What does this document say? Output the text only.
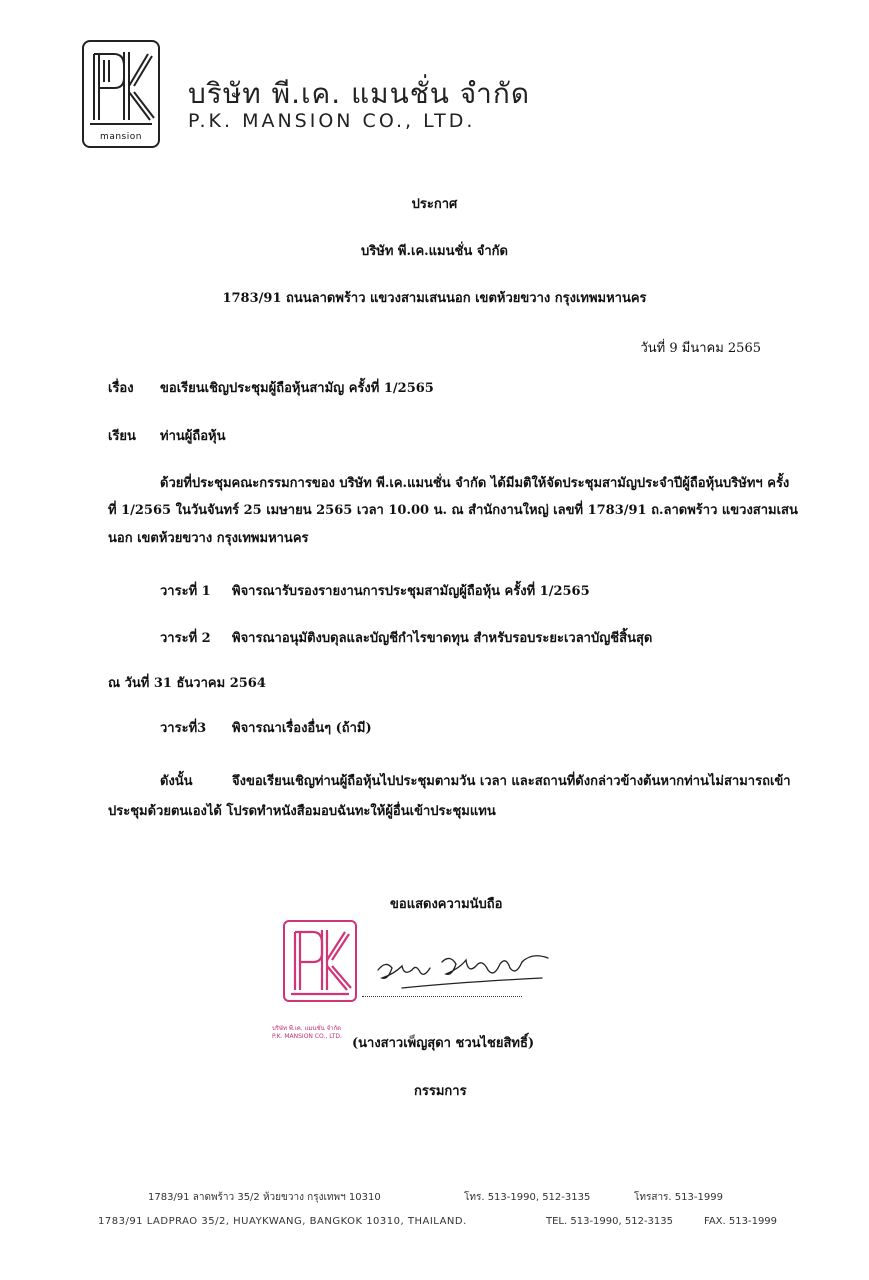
mansion
บริษัท พี.เค. แมนชั่น จำกัด
P.K. MANSION CO., LTD.
ประกาศ
บริษัท พี.เค.แมนชั่น จำกัด
1783/91 ถนนลาดพร้าว แขวงสามเสนนอก เขตห้วยขวาง กรุงเทพมหานคร
วันที่ 9 มีนาคม 2565
เรื่อง ขอเรียนเชิญประชุมผู้ถือหุ้นสามัญ ครั้งที่ 1/2565
เรียน ท่านผู้ถือหุ้น
ด้วยที่ประชุมคณะกรรมการของ บริษัท พี.เค.แมนชั่น จำกัด ได้มีมติให้จัดประชุมสามัญประจำปีผู้ถือหุ้นบริษัทฯ ครั้ง
ที่ 1/2565 ในวันจันทร์ 25 เมษายน 2565 เวลา 10.00 น. ณ สำนักงานใหญ่ เลขที่ 1783/91 ถ.ลาดพร้าว แขวงสามเสน
นอก เขตห้วยขวาง กรุงเทพมหานคร
วาระที่ 1 พิจารณารับรองรายงานการประชุมสามัญผู้ถือหุ้น ครั้งที่ 1/2565
วาระที่ 2 พิจารณาอนุมัติงบดุลและบัญชีกำไรขาดทุน สำหรับรอบระยะเวลาบัญชีสิ้นสุด
ณ วันที่ 31 ธันวาคม 2564
วาระที่3 พิจารณาเรื่องอื่นๆ (ถ้ามี)
ดังนั้น	จึงขอเรียนเชิญท่านผู้ถือหุ้นไปประชุมตามวัน เวลา และสถานที่ดังกล่าวข้างต้นหากท่านไม่สามารถเข้า
ประชุมด้วยตนเองได้ โปรดทำหนังสือมอบฉันทะให้ผู้อื่นเข้าประชุมแทน
ขอแสดงความนับถือ
บริษัท พี.เค. แมนชั่น จำกัด
P.K. MANSION CO., LTD. (นางสาวเพ็ญสุดา ชวนไชยสิทธิ์)
กรรมการ
1783/91 ลาดพร้าว 35/2 ห้วยขวาง กรุงเทพฯ 10310	โทร. 513-1990, 512-3135	โทรสาร. 513-1999
1783/91 LADPRAO 35/2, HUAYKWANG, BANGKOK 10310, THAILAND.	TEL. 513-1990, 512-3135	FAX. 513-1999
